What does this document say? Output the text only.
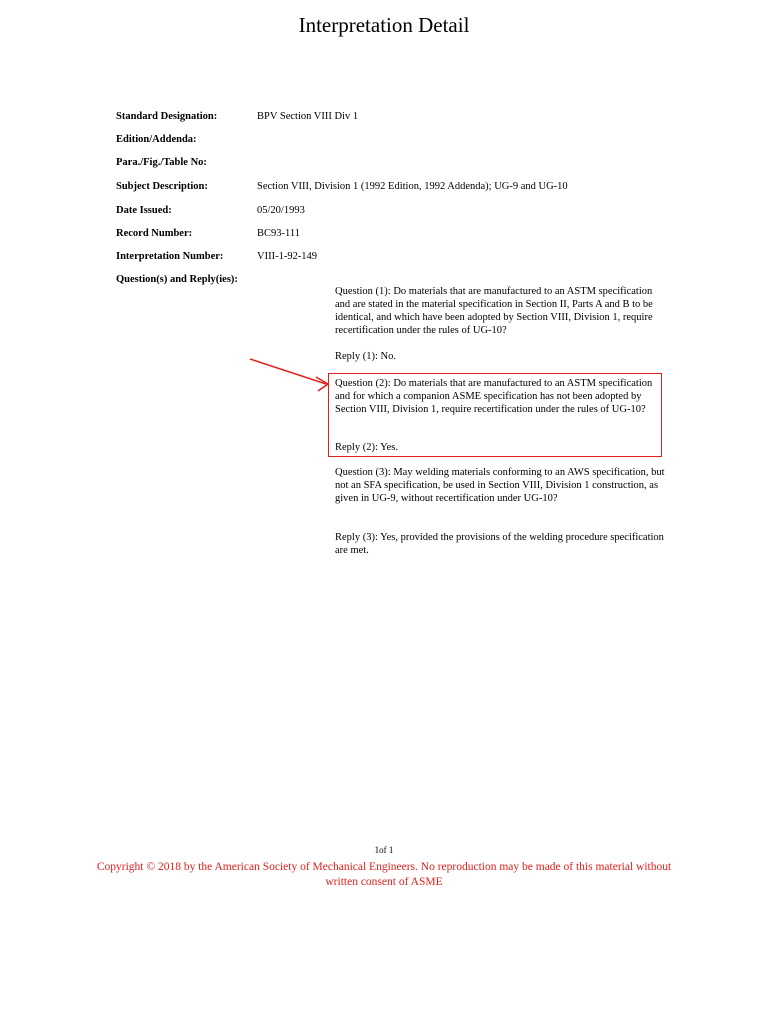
Interpretation Detail
Standard Designation:	BPV Section VIII Div 1
Edition/Addenda:
Para./Fig./Table No:
Subject Description:	Section VIII, Division 1 (1992 Edition, 1992 Addenda); UG-9 and UG-10
Date Issued:	05/20/1993
Record Number:	BC93-111
Interpretation Number:	VIII-1-92-149
Question(s) and Reply(ies):

Question (1): Do materials that are manufactured to an ASTM specification and are stated in the material specification in Section II, Parts A and B to be identical, and which have been adopted by Section VIII, Division 1, require recertification under the rules of UG-10?

Reply (1): No.

Question (2): Do materials that are manufactured to an ASTM specification and for which a companion ASME specification has not been adopted by Section VIII, Division 1, require recertification under the rules of UG-10?

Reply (2): Yes.

Question (3): May welding materials conforming to an AWS specification, but not an SFA specification, be used in Section VIII, Division 1 construction, as given in UG-9, without recertification under UG-10?

Reply (3): Yes, provided the provisions of the welding procedure specification are met.

1of 1
Copyright © 2018 by the American Society of Mechanical Engineers. No reproduction may be made of this material without written consent of ASME
